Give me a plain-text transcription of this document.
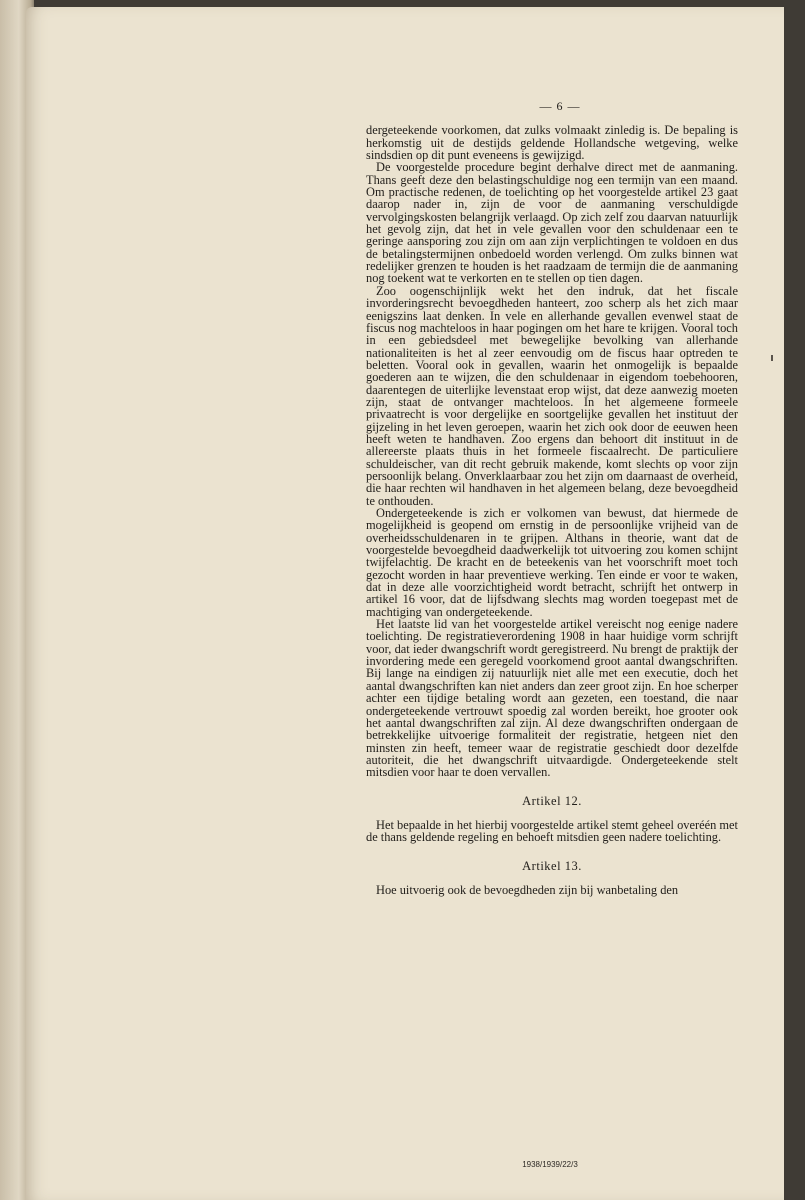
— 6 —

dergeteekende voorkomen, dat zulks volmaakt zinledig is. De bepaling is herkomstig uit de destijds geldende Hollandsche wetgeving, welke sindsdien op dit punt eveneens is gewijzigd.

De voorgestelde procedure begint derhalve direct met de aanmaning. Thans geeft deze den belastingschuldige nog een termijn van een maand. Om practische redenen, de toelichting op het voorgestelde artikel 23 gaat daarop nader in, zijn de voor de aanmaning verschuldigde vervolgingskosten belangrijk verlaagd. Op zich zelf zou daarvan natuurlijk het gevolg zijn, dat het in vele gevallen voor den schuldenaar een te geringe aansporing zou zijn om aan zijn verplichtingen te voldoen en dus de betalingstermijnen onbedoeld worden verlengd. Om zulks binnen wat redelijker grenzen te houden is het raadzaam de termijn die de aanmaning nog toekent wat te verkorten en te stellen op tien dagen.

Zoo oogenschijnlijk wekt het den indruk, dat het fiscale invorderingsrecht bevoegdheden hanteert, zoo scherp als het zich maar eenigszins laat denken. In vele en allerhande gevallen evenwel staat de fiscus nog machteloos in haar pogingen om het hare te krijgen. Vooral toch in een gebiedsdeel met bewegelijke bevolking van allerhande nationaliteiten is het al zeer eenvoudig om de fiscus haar optreden te beletten. Vooral ook in gevallen, waarin het onmogelijk is bepaalde goederen aan te wijzen, die den schuldenaar in eigendom toebehooren, daarentegen de uiterlijke levenstaat erop wijst, dat deze aanwezig moeten zijn, staat de ontvanger machteloos. In het algemeene formeele privaatrecht is voor dergelijke en soortgelijke gevallen het instituut der gijzeling in het leven geroepen, waarin het zich ook door de eeuwen heen heeft weten te handhaven. Zoo ergens dan behoort dit instituut in de allereerste plaats thuis in het formeele fiscaalrecht. De particuliere schuldeischer, van dit recht gebruik makende, komt slechts op voor zijn persoonlijk belang. Onverklaarbaar zou het zijn om daarnaast de overheid, die haar rechten wil handhaven in het algemeen belang, deze bevoegdheid te onthouden.

Ondergeteekende is zich er volkomen van bewust, dat hiermede de mogelijkheid is geopend om ernstig in de persoonlijke vrijheid van de overheidsschuldenaren in te grijpen. Althans in theorie, want dat de voorgestelde bevoegdheid daadwerkelijk tot uitvoering zou komen schijnt twijfelachtig. De kracht en de beteekenis van het voorschrift moet toch gezocht worden in haar preventieve werking. Ten einde er voor te waken, dat in deze alle voorzichtigheid wordt betracht, schrijft het ontwerp in artikel 16 voor, dat de lijfsdwang slechts mag worden toegepast met de machtiging van ondergeteekende.

Het laatste lid van het voorgestelde artikel vereischt nog eenige nadere toelichting. De registratieverordening 1908 in haar huidige vorm schrijft voor, dat ieder dwangschrift wordt geregistreerd. Nu brengt de praktijk der invordering mede een geregeld voorkomend groot aantal dwangschriften. Bij lange na eindigen zij natuurlijk niet alle met een executie, doch het aantal dwangschriften kan niet anders dan zeer groot zijn. En hoe scherper achter een tijdige betaling wordt aan gezeten, een toestand, die naar ondergeteekende vertrouwt spoedig zal worden bereikt, hoe grooter ook het aantal dwangschriften zal zijn. Al deze dwangschriften ondergaan de betrekkelijke uitvoerige formaliteit der registratie, hetgeen niet den minsten zin heeft, temeer waar de registratie geschiedt door dezelfde autoriteit, die het dwangschrift uitvaardigde. Ondergeteekende stelt mitsdien voor haar te doen vervallen.

Artikel 12.

Het bepaalde in het hierbij voorgestelde artikel stemt geheel overéén met de thans geldende regeling en behoeft mitsdien geen nadere toelichting.

Artikel 13.

Hoe uitvoerig ook de bevoegdheden zijn bij wanbetaling den

1938/1939/22/3
